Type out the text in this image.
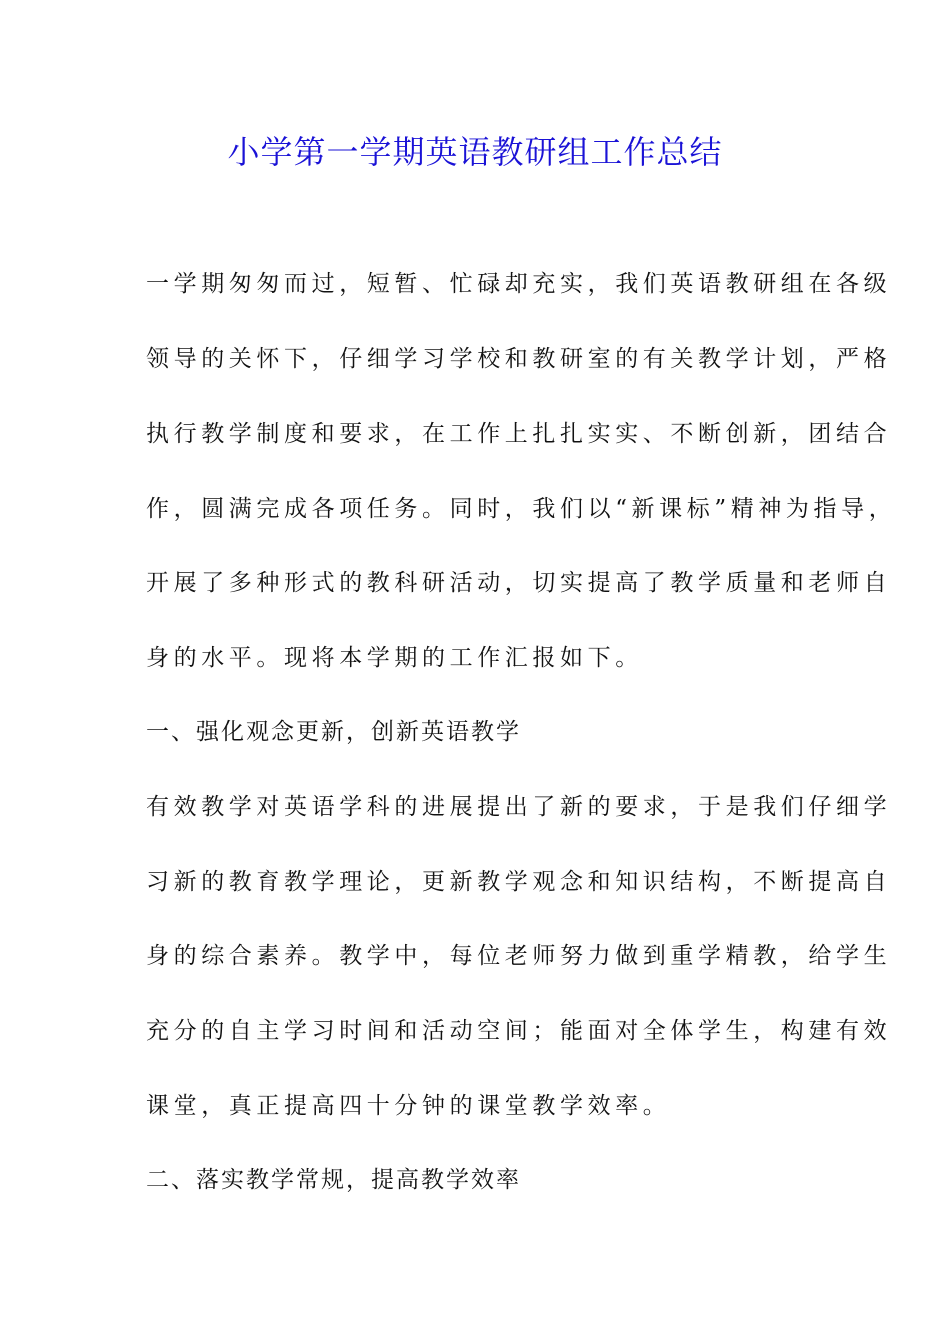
小学第一学期英语教研组工作总结
一学期匆匆而过，短暂、忙碌却充实，我们英语教研组在各级
领导的关怀下，仔细学习学校和教研室的有关教学计划，严格
执行教学制度和要求，在工作上扎扎实实、不断创新，团结合
作，圆满完成各项任务。同时，我们以“新课标”精神为指导，
开展了多种形式的教科研活动，切实提高了教学质量和老师自
身的水平。现将本学期的工作汇报如下。
一、强化观念更新，创新英语教学
有效教学对英语学科的进展提出了新的要求，于是我们仔细学
习新的教育教学理论，更新教学观念和知识结构，不断提高自
身的综合素养。教学中，每位老师努力做到重学精教，给学生
充分的自主学习时间和活动空间；能面对全体学生，构建有效
课堂，真正提高四十分钟的课堂教学效率。
二、落实教学常规，提高教学效率
